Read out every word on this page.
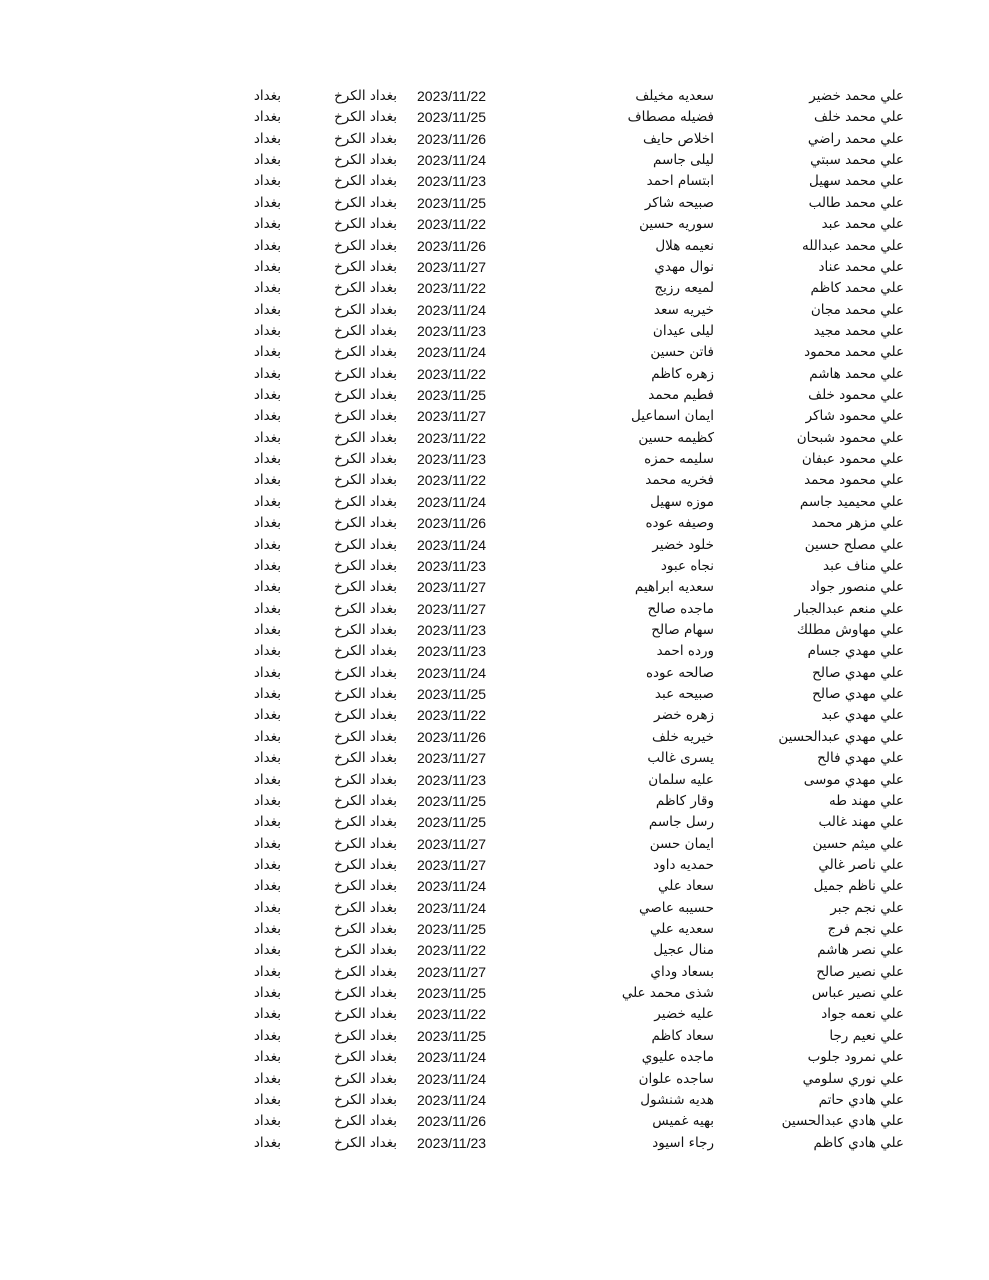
علي محمد خضير
سعديه مخيلف
2023/11/22
بغداد الكرخ
بغداد
علي محمد خلف
فضيله مصطاف
2023/11/25
بغداد الكرخ
بغداد
علي محمد راضي
اخلاص حايف
2023/11/26
بغداد الكرخ
بغداد
علي محمد سبتي
ليلى جاسم
2023/11/24
بغداد الكرخ
بغداد
علي محمد سهيل
ابتسام احمد
2023/11/23
بغداد الكرخ
بغداد
علي محمد طالب
صبيحه شاكر
2023/11/25
بغداد الكرخ
بغداد
علي محمد عبد
سوريه حسين
2023/11/22
بغداد الكرخ
بغداد
علي محمد عبدالله
نعيمه هلال
2023/11/26
بغداد الكرخ
بغداد
علي محمد عناد
نوال مهدي
2023/11/27
بغداد الكرخ
بغداد
علي محمد كاظم
لميعه رزيج
2023/11/22
بغداد الكرخ
بغداد
علي محمد مجان
خيريه سعد
2023/11/24
بغداد الكرخ
بغداد
علي محمد مجيد
ليلى عيدان
2023/11/23
بغداد الكرخ
بغداد
علي محمد محمود
فاتن حسين
2023/11/24
بغداد الكرخ
بغداد
علي محمد هاشم
زهره كاظم
2023/11/22
بغداد الكرخ
بغداد
علي محمود خلف
فطيم محمد
2023/11/25
بغداد الكرخ
بغداد
علي محمود شاكر
ايمان اسماعيل
2023/11/27
بغداد الكرخ
بغداد
علي محمود شبحان
كظيمه حسين
2023/11/22
بغداد الكرخ
بغداد
علي محمود عبفان
سليمه حمزه
2023/11/23
بغداد الكرخ
بغداد
علي محمود محمد
فخريه محمد
2023/11/22
بغداد الكرخ
بغداد
علي محيميد جاسم
موزه سهيل
2023/11/24
بغداد الكرخ
بغداد
علي مزهر محمد
وصيفه عوده
2023/11/26
بغداد الكرخ
بغداد
علي مصلح حسين
خلود خضير
2023/11/24
بغداد الكرخ
بغداد
علي مناف عبد
نجاه عبود
2023/11/23
بغداد الكرخ
بغداد
علي منصور جواد
سعديه ابراهيم
2023/11/27
بغداد الكرخ
بغداد
علي منعم عبدالجبار
ماجده صالح
2023/11/27
بغداد الكرخ
بغداد
علي مهاوش مطلك
سهام صالح
2023/11/23
بغداد الكرخ
بغداد
علي مهدي جسام
ورده احمد
2023/11/23
بغداد الكرخ
بغداد
علي مهدي صالح
صالحه عوده
2023/11/24
بغداد الكرخ
بغداد
علي مهدي صالح
صبيحه عبد
2023/11/25
بغداد الكرخ
بغداد
علي مهدي عبد
زهره خضر
2023/11/22
بغداد الكرخ
بغداد
علي مهدي عبدالحسين
خيريه خلف
2023/11/26
بغداد الكرخ
بغداد
علي مهدي فالح
يسرى غالب
2023/11/27
بغداد الكرخ
بغداد
علي مهدي موسى
عليه سلمان
2023/11/23
بغداد الكرخ
بغداد
علي مهند طه
وقار كاظم
2023/11/25
بغداد الكرخ
بغداد
علي مهند غالب
رسل جاسم
2023/11/25
بغداد الكرخ
بغداد
علي ميثم حسين
ايمان حسن
2023/11/27
بغداد الكرخ
بغداد
علي ناصر غالي
حمديه داود
2023/11/27
بغداد الكرخ
بغداد
علي ناظم جميل
سعاد علي
2023/11/24
بغداد الكرخ
بغداد
علي نجم جبر
حسيبه عاصي
2023/11/24
بغداد الكرخ
بغداد
علي نجم فرج
سعديه علي
2023/11/25
بغداد الكرخ
بغداد
علي نصر هاشم
منال عجيل
2023/11/22
بغداد الكرخ
بغداد
علي نصير صالح
بسعاد وداي
2023/11/27
بغداد الكرخ
بغداد
علي نصير عباس
شذى محمد علي
2023/11/25
بغداد الكرخ
بغداد
علي نعمه جواد
عليه خضير
2023/11/22
بغداد الكرخ
بغداد
علي نعيم رجا
سعاد كاظم
2023/11/25
بغداد الكرخ
بغداد
علي نمرود جلوب
ماجده عليوي
2023/11/24
بغداد الكرخ
بغداد
علي نوري سلومي
ساجده علوان
2023/11/24
بغداد الكرخ
بغداد
علي هادي حاتم
هديه شنشول
2023/11/24
بغداد الكرخ
بغداد
علي هادي عبدالحسين
بهيه غميس
2023/11/26
بغداد الكرخ
بغداد
علي هادي كاظم
رجاء اسيود
2023/11/23
بغداد الكرخ
بغداد
